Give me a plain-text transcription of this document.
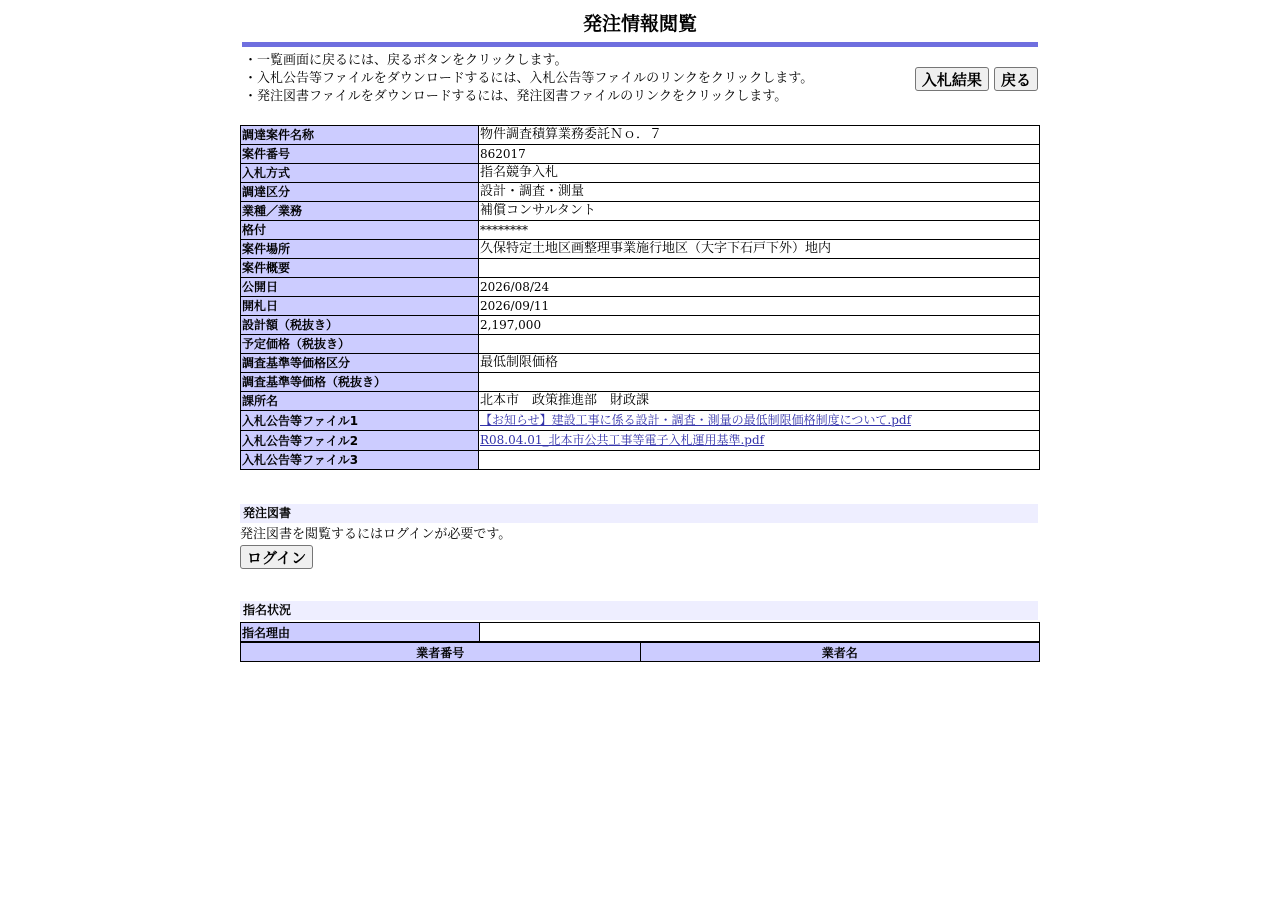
発注情報閲覧
・一覧画面に戻るには、戻るボタンをクリックします。
・入札公告等ファイルをダウンロードするには、入札公告等ファイルのリンクをクリックします。
・発注図書ファイルをダウンロードするには、発注図書ファイルのリンクをクリックします。
入札結果 戻る
調達案件名称	物件調査積算業務委託Ｎｏ．７
案件番号	862017
入札方式	指名競争入札
調達区分	設計・調査・測量
業種／業務	補償コンサルタント
格付	********
案件場所	久保特定土地区画整理事業施行地区（大字下石戸下外）地内
案件概要	
公開日	2026/08/24
開札日	2026/09/11
設計額（税抜き）	2,197,000
予定価格（税抜き）	
調査基準等価格区分	最低制限価格
調査基準等価格（税抜き）	
課所名	北本市　政策推進部　財政課
入札公告等ファイル1	【お知らせ】建設工事に係る設計・調査・測量の最低制限価格制度について.pdf
入札公告等ファイル2	R08.04.01_北本市公共工事等電子入札運用基準.pdf
入札公告等ファイル3	
発注図書
発注図書を閲覧するにはログインが必要です。
ログイン
指名状況
指名理由	
業者番号	業者名
